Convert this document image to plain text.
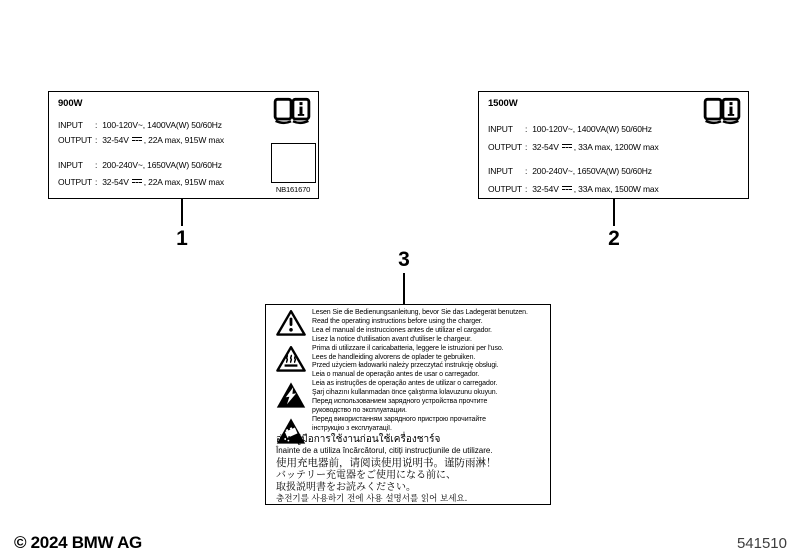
900W
INPUT : 100-120V~, 1400VA(W) 50/60Hz
OUTPUT : 32-54V , 22A max, 915W max
INPUT : 200-240V~, 1650VA(W) 50/60Hz
OUTPUT : 32-54V , 22A max, 915W max
NB161670
1500W
INPUT : 100-120V~, 1400VA(W) 50/60Hz
OUTPUT : 32-54V , 33A max, 1200W max
INPUT : 200-240V~, 1650VA(W) 50/60Hz
OUTPUT : 32-54V , 33A max, 1500W max
1	2
3
Lesen Sie die Bedienungsanleitung, bevor Sie das Ladegerät benutzen.
Read the operating instructions before using the charger.
Lea el manual de instrucciones antes de utilizar el cargador.
Lisez la notice d'utilisation avant d'utiliser le chargeur.
Prima di utilizzare il caricabatteria, leggere le istruzioni per l'uso.
Lees de handleiding alvorens de oplader te gebruiken.
Przed użyciem ładowarki należy przeczytać instrukcję obsługi.
Leia o manual de operação antes de usar o carregador.
Leia as instruções de operação antes de utilizar o carregador.
Şarj cihazını kullanmadan önce çalıştırma kılavuzunu okuyun.
Перед использованием зарядного устройства прочтите
руководство по эксплуатации.
Перед використанням зарядного пристрою прочитайте
інструкцію з експлуатації.
อ่านคู่มือการใช้งานก่อนใช้เครื่องชาร์จ
Înainte de a utiliza încărcătorul, citiți instrucțiunile de utilizare.
使用充电器前，请阅读使用说明书。谨防雨淋！
バッテリー充電器をご使用になる前に、
取扱説明書をお読みください。
충전기를 사용하기 전에 사용 설명서를 읽어 보세요.
© 2024 BMW AG	541510
